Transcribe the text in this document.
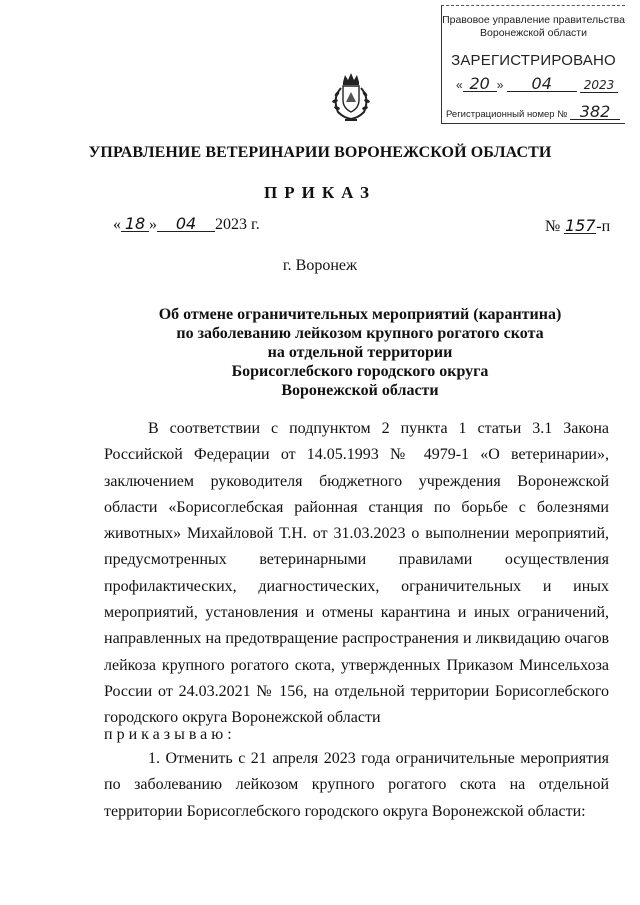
Правовое управление правительства
Воронежской области
ЗАРЕГИСТРИРОВАНО
« 20 » 04	2023
Регистрационный номер № 382
УПРАВЛЕНИЕ ВЕТЕРИНАРИИ ВОРОНЕЖСКОЙ ОБЛАСТИ
ПРИКАЗ
« 18 » 04 2023 г.	№ 157-п
г. Воронеж
Об отмене ограничительных мероприятий (карантина)
по заболеванию лейкозом крупного рогатого скота
на отдельной территории
Борисоглебского городского округа
Воронежской области
В соответствии с подпунктом 2 пункта 1 статьи 3.1 Закона Российской Федерации от 14.05.1993 № 4979-1 «О ветеринарии», заключением руководителя бюджетного учреждения Воронежской области «Борисоглебская районная станция по борьбе с болезнями животных» Михайловой Т.Н. от 31.03.2023 о выполнении мероприятий, предусмотренных ветеринарными правилами осуществления профилактических, диагностических, ограничительных и иных мероприятий, установления и отмены карантина и иных ограничений, направленных на предотвращение распространения и ликвидацию очагов лейкоза крупного рогатого скота, утвержденных Приказом Минсельхоза России от 24.03.2021 № 156, на отдельной территории Борисоглебского городского округа Воронежской области
приказываю:
1. Отменить с 21 апреля 2023 года ограничительные мероприятия по заболеванию лейкозом крупного рогатого скота на отдельной территории Борисоглебского городского округа Воронежской области:
